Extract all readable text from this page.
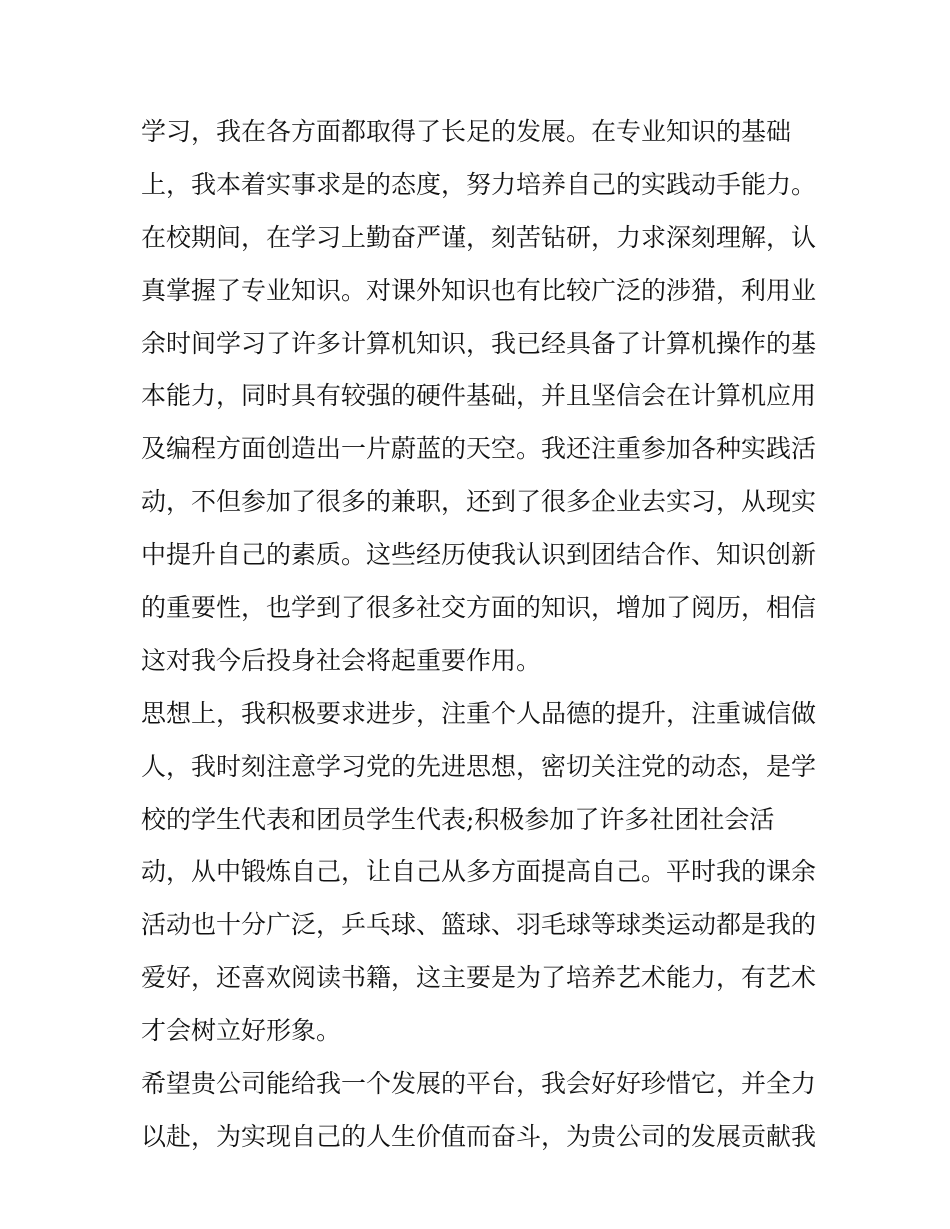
学习，我在各方面都取得了长足的发展。在专业知识的基础
上，我本着实事求是的态度，努力培养自己的实践动手能力。
在校期间，在学习上勤奋严谨，刻苦钻研，力求深刻理解，认
真掌握了专业知识。对课外知识也有比较广泛的涉猎，利用业
余时间学习了许多计算机知识，我已经具备了计算机操作的基
本能力，同时具有较强的硬件基础，并且坚信会在计算机应用
及编程方面创造出一片蔚蓝的天空。我还注重参加各种实践活
动，不但参加了很多的兼职，还到了很多企业去实习，从现实
中提升自己的素质。这些经历使我认识到团结合作、知识创新
的重要性，也学到了很多社交方面的知识，增加了阅历，相信
这对我今后投身社会将起重要作用。
思想上，我积极要求进步，注重个人品德的提升，注重诚信做
人，我时刻注意学习党的先进思想，密切关注党的动态，是学
校的学生代表和团员学生代表;积极参加了许多社团社会活
动，从中锻炼自己，让自己从多方面提高自己。平时我的课余
活动也十分广泛，乒乓球、篮球、羽毛球等球类运动都是我的
爱好，还喜欢阅读书籍，这主要是为了培养艺术能力，有艺术
才会树立好形象。
希望贵公司能给我一个发展的平台，我会好好珍惜它，并全力
以赴，为实现自己的人生价值而奋斗，为贵公司的发展贡献我
